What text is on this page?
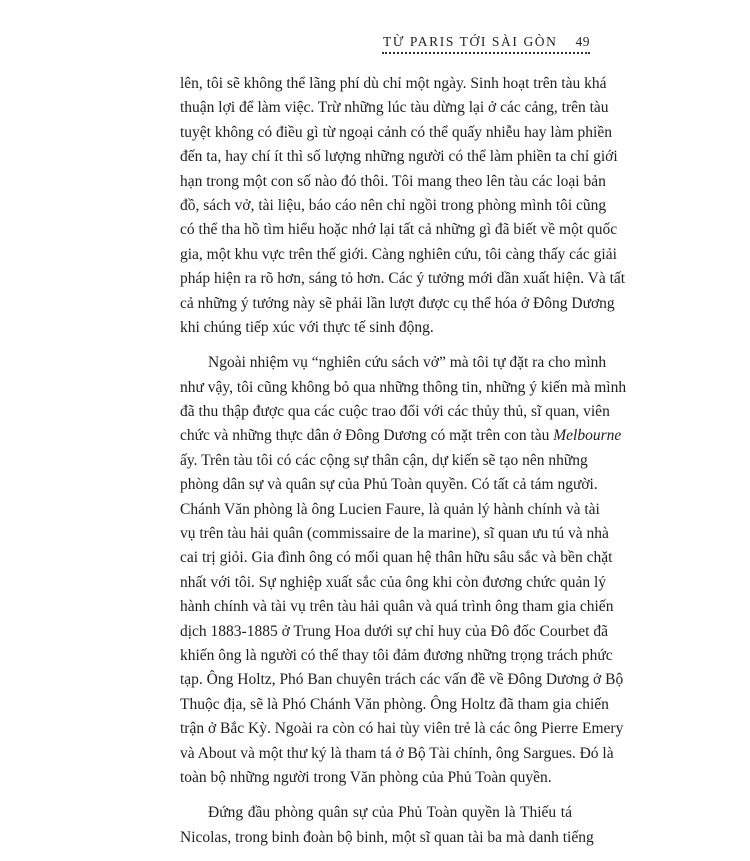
TỪ PARIS TỚI SÀI GÒN 49
lên, tôi sẽ không thể lãng phí dù chỉ một ngày. Sinh hoạt trên tàu khá
thuận lợi để làm việc. Trừ những lúc tàu dừng lại ở các cảng, trên tàu
tuyệt không có điều gì từ ngoại cảnh có thể quấy nhiễu hay làm phiền
đến ta, hay chí ít thì số lượng những người có thể làm phiền ta chỉ giới
hạn trong một con số nào đó thôi. Tôi mang theo lên tàu các loại bản
đồ, sách vở, tài liệu, báo cáo nên chỉ ngồi trong phòng mình tôi cũng
có thể tha hồ tìm hiểu hoặc nhớ lại tất cả những gì đã biết về một quốc
gia, một khu vực trên thế giới. Càng nghiên cứu, tôi càng thấy các giải
pháp hiện ra rõ hơn, sáng tỏ hơn. Các ý tưởng mới dần xuất hiện. Và tất
cả những ý tưởng này sẽ phải lần lượt được cụ thể hóa ở Đông Dương
khi chúng tiếp xúc với thực tế sinh động.
Ngoài nhiệm vụ “nghiên cứu sách vở” mà tôi tự đặt ra cho mình
như vậy, tôi cũng không bỏ qua những thông tin, những ý kiến mà mình
đã thu thập được qua các cuộc trao đổi với các thủy thủ, sĩ quan, viên
chức và những thực dân ở Đông Dương có mặt trên con tàu Melbourne
ấy. Trên tàu tôi có các cộng sự thân cận, dự kiến sẽ tạo nên những
phòng dân sự và quân sự của Phủ Toàn quyền. Có tất cả tám người.
Chánh Văn phòng là ông Lucien Faure, là quản lý hành chính và tài
vụ trên tàu hải quân (commissaire de la marine), sĩ quan ưu tú và nhà
cai trị giỏi. Gia đình ông có mối quan hệ thân hữu sâu sắc và bền chặt
nhất với tôi. Sự nghiệp xuất sắc của ông khi còn đương chức quản lý
hành chính và tài vụ trên tàu hải quân và quá trình ông tham gia chiến
dịch 1883-1885 ở Trung Hoa dưới sự chỉ huy của Đô đốc Courbet đã
khiến ông là người có thể thay tôi đảm đương những trọng trách phức
tạp. Ông Holtz, Phó Ban chuyên trách các vấn đề về Đông Dương ở Bộ
Thuộc địa, sẽ là Phó Chánh Văn phòng. Ông Holtz đã tham gia chiến
trận ở Bắc Kỳ. Ngoài ra còn có hai tùy viên trẻ là các ông Pierre Emery
và About và một thư ký là tham tá ở Bộ Tài chính, ông Sargues. Đó là
toàn bộ những người trong Văn phòng của Phủ Toàn quyền.
Đứng đầu phòng quân sự của Phủ Toàn quyền là Thiếu tá
Nicolas, trong binh đoàn bộ binh, một sĩ quan tài ba mà danh tiếng
